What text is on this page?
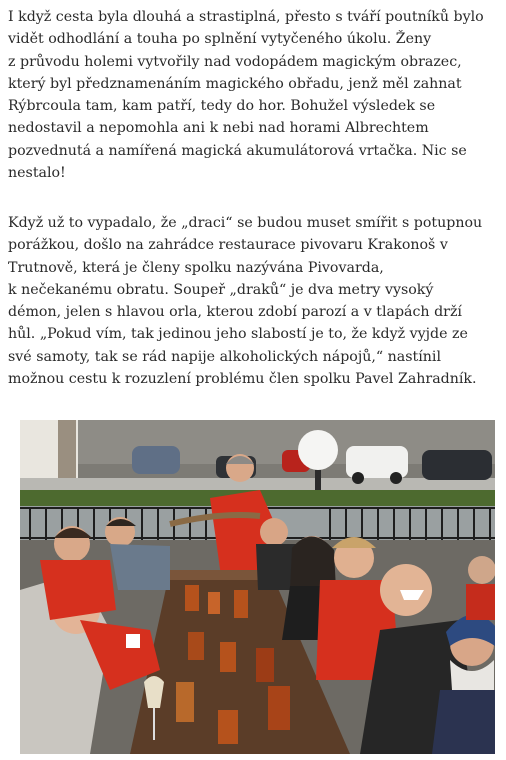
I když cesta byla dlouhá a strastiplná, přesto s tváří poutníků bylo
vidět odhodlání a touha po splnění vytyčeného úkolu. Ženy
z průvodu holemi vytvořily nad vodopádem magickým obrazec,
který byl předznamenáním magického obřadu, jenž měl zahnat
Rýbrcoula tam, kam patří, tedy do hor. Bohužel výsledek se
nedostavil a nepomohla ani k nebi nad horami Albrechtem
pozvednutá a namířená magická akumulátorová vrtačka. Nic se
nestalo!

Když už to vypadalo, že „draci“ se budou muset smířit s potupnou
porážkou, došlo na zahrádce restaurace pivovaru Krakonoš v
Trutnově, která je členy spolku nazývána Pivovarda,
k nečekanému obratu. Soupeř „draků“ je dva metry vysoký
démon, jelen s hlavou orla, kterou zdobí parozí a v tlapách drží
hůl. „Pokud vím, tak jedinou jeho slabostí je to, že když vyjde ze
své samoty, tak se rád napije alkoholických nápojů,“ nastínil
možnou cestu k rozuzlení problému člen spolku Pavel Zahradník.
